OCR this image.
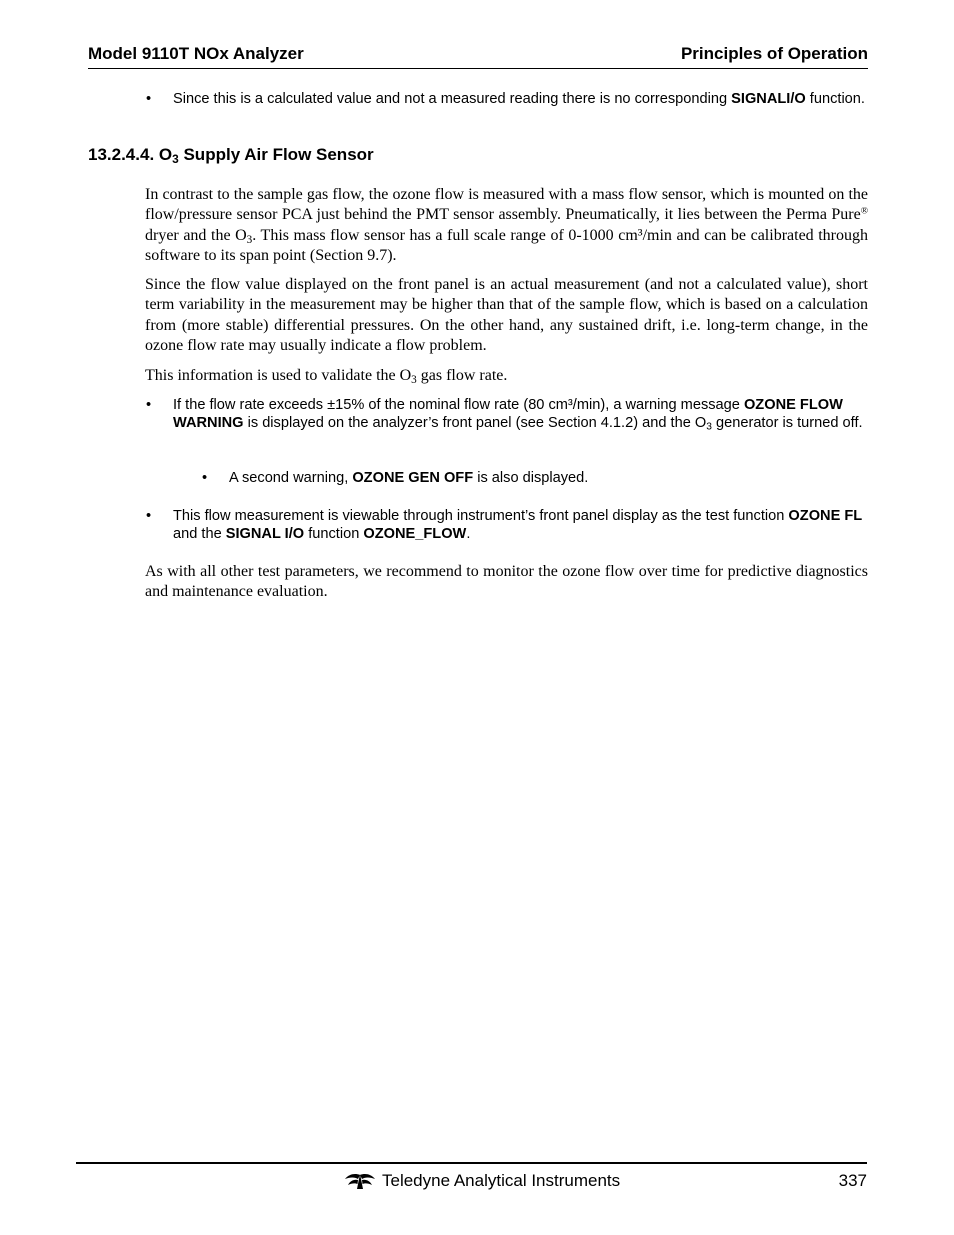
Model 9110T NOx Analyzer	Principles of Operation
• Since this is a calculated value and not a measured reading there is no corresponding SIGNALI/O function.
13.2.4.4. $O_3$ Supply Air Flow Sensor
In contrast to the sample gas flow, the ozone flow is measured with a mass flow sensor, which is mounted on the flow/pressure sensor PCA just behind the PMT sensor assembly. Pneumatically, it lies between the Perma Pure® dryer and the $O_3$. This mass flow sensor has a full scale range of 0-1000 cm³/min and can be calibrated through software to its span point (Section 9.7).
Since the flow value displayed on the front panel is an actual measurement (and not a calculated value), short term variability in the measurement may be higher than that of the sample flow, which is based on a calculation from (more stable) differential pressures. On the other hand, any sustained drift, i.e. long-term change, in the ozone flow rate may usually indicate a flow problem.
This information is used to validate the $O_3$ gas flow rate.
• If the flow rate exceeds ±15% of the nominal flow rate (80 cm³/min), a warning message OZONE FLOW WARNING is displayed on the analyzer’s front panel (see Section 4.1.2) and the $O_3$ generator is turned off.
• A second warning, OZONE GEN OFF is also displayed.
• This flow measurement is viewable through instrument’s front panel display as the test function OZONE FL and the SIGNAL I/O function OZONE_FLOW.
As with all other test parameters, we recommend to monitor the ozone flow over time for predictive diagnostics and maintenance evaluation.
Teledyne Analytical Instruments	337
